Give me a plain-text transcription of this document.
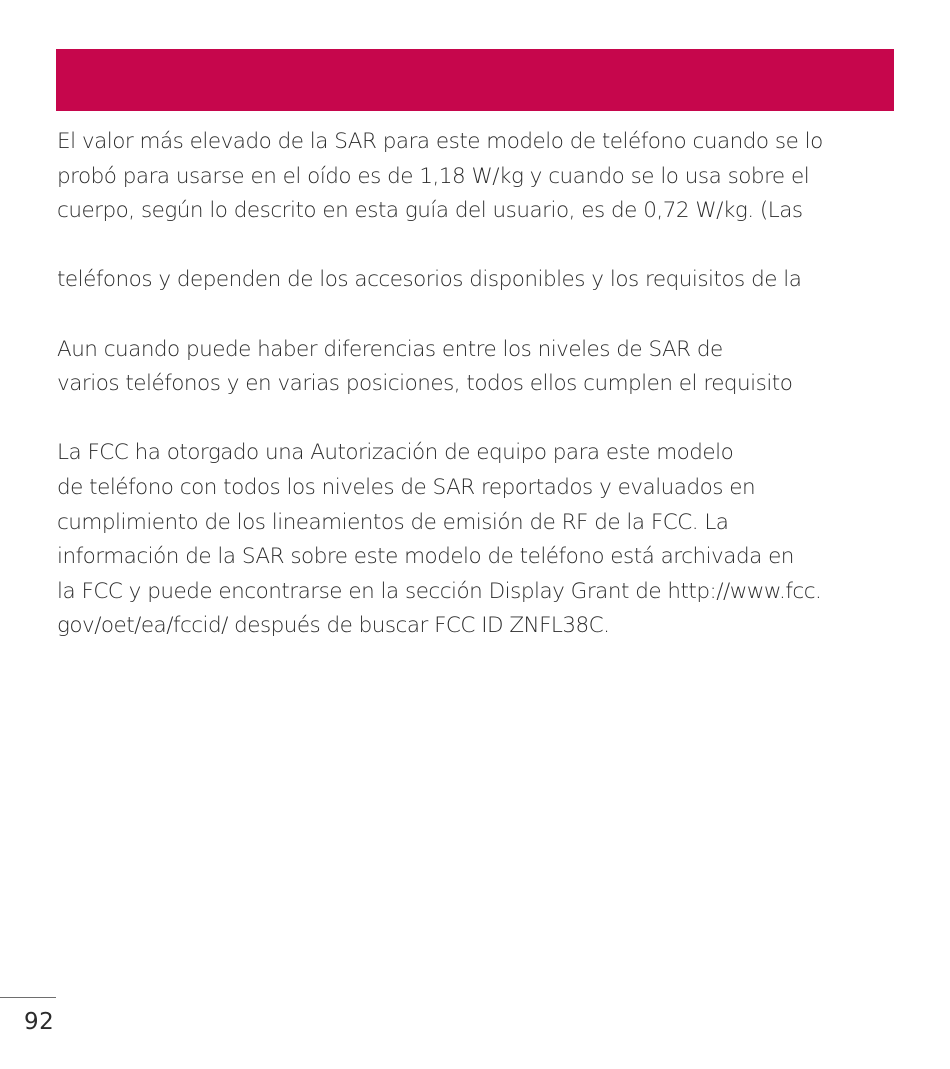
El valor más elevado de la SAR para este modelo de teléfono cuando se lo
probó para usarse en el oído es de 1,18 W/kg y cuando se lo usa sobre el
cuerpo, según lo descrito en esta guía del usuario, es de 0,72 W/kg. (Las
teléfonos y dependen de los accesorios disponibles y los requisitos de la
Aun cuando puede haber diferencias entre los niveles de SAR de
varios teléfonos y en varias posiciones, todos ellos cumplen el requisito
La FCC ha otorgado una Autorización de equipo para este modelo
de teléfono con todos los niveles de SAR reportados y evaluados en
cumplimiento de los lineamientos de emisión de RF de la FCC. La
información de la SAR sobre este modelo de teléfono está archivada en
la FCC y puede encontrarse en la sección Display Grant de http://www.fcc.
gov/oet/ea/fccid/ después de buscar FCC ID ZNFL38C.
92
